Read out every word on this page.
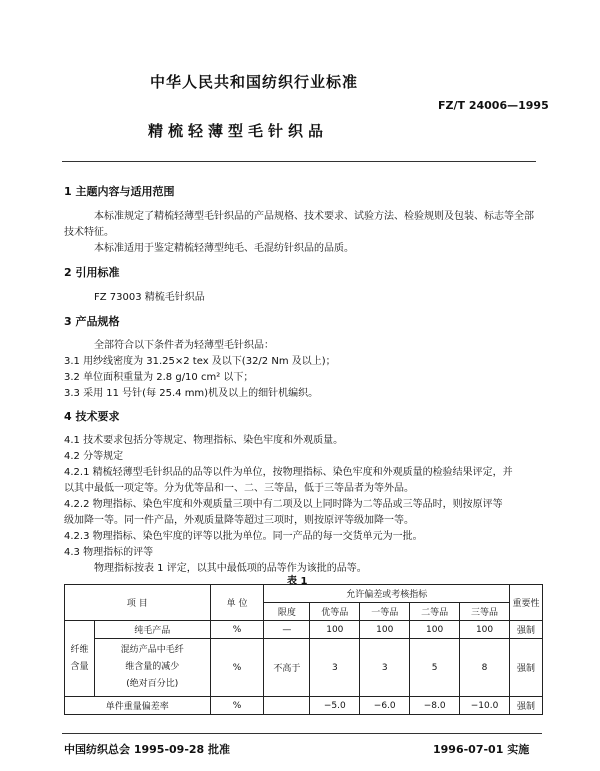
中华人民共和国纺织行业标准
FZ/T 24006—1995
精梳轻薄型毛针织品
1 主题内容与适用范围
本标准规定了精梳轻薄型毛针织品的产品规格、技术要求、试验方法、检验规则及包装、标志等全部
技术特征。
本标准适用于鉴定精梳轻薄型纯毛、毛混纺针织品的品质。
2 引用标准
FZ 73003 精梳毛针织品
3 产品规格
全部符合以下条件者为轻薄型毛针织品：
3.1 用纱线密度为 31.25×2 tex 及以下(32/2 Nm 及以上)；
3.2 单位面积重量为 2.8 g/10 cm² 以下；
3.3 采用 11 号针(每 25.4 mm)机及以上的细针机编织。
4 技术要求
4.1 技术要求包括分等规定、物理指标、染色牢度和外观质量。
4.2 分等规定
4.2.1 精梳轻薄型毛针织品的品等以件为单位，按物理指标、染色牢度和外观质量的检验结果评定，并
以其中最低一项定等。分为优等品和一、二、三等品，低于三等品者为等外品。
4.2.2 物理指标、染色牢度和外观质量三项中有二项及以上同时降为二等品或三等品时，则按原评等
级加降一等。同一件产品，外观质量降等超过三项时，则按原评等级加降一等。
4.2.3 物理指标、染色牢度的评等以批为单位。同一产品的每一交货单元为一批。
4.3 物理指标的评等
物理指标按表 1 评定，以其中最低项的品等作为该批的品等。
表 1
项 目		单 位	允许偏差或考核指标					重要性
			限度	优等品	一等品	二等品	三等品	

纤维
含量	纯毛产品	%	—	100	100	100	100	强制

	混纺产品中毛纤
维含量的减少
(绝对百分比)	%	不高于	3	3	5	8	强制
单件重量偏差率		%		−5.0	−6.0	−8.0	−10.0	强制
中国纺织总会 1995-09-28 批准	1996-07-01 实施
